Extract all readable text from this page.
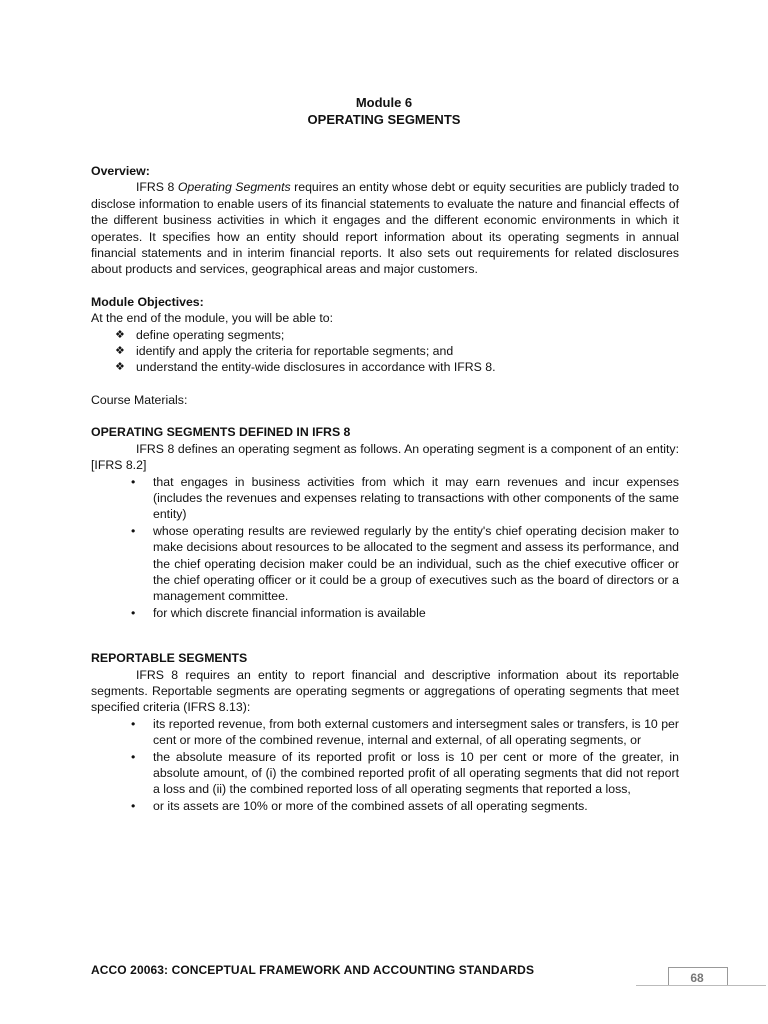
Module 6
OPERATING SEGMENTS
Overview:

IFRS 8 Operating Segments requires an entity whose debt or equity securities are publicly traded to disclose information to enable users of its financial statements to evaluate the nature and financial effects of the different business activities in which it engages and the different economic environments in which it operates. It specifies how an entity should report information about its operating segments in annual financial statements and in interim financial reports. It also sets out requirements for related disclosures about products and services, geographical areas and major customers.

Module Objectives:
At the end of the module, you will be able to:
❖ define operating segments;
❖ identify and apply the criteria for reportable segments; and
❖ understand the entity-wide disclosures in accordance with IFRS 8.
Course Materials:
OPERATING SEGMENTS DEFINED IN IFRS 8

IFRS 8 defines an operating segment as follows. An operating segment is a component of an entity: [IFRS 8.2]

• that engages in business activities from which it may earn revenues and incur expenses (includes the revenues and expenses relating to transactions with other components of the same entity)
• whose operating results are reviewed regularly by the entity's chief operating decision maker to make decisions about resources to be allocated to the segment and assess its performance, and the chief operating decision maker could be an individual, such as the chief executive officer or the chief operating officer or it could be a group of executives such as the board of directors or a management committee.
• for which discrete financial information is available
REPORTABLE SEGMENTS

IFRS 8 requires an entity to report financial and descriptive information about its reportable segments. Reportable segments are operating segments or aggregations of operating segments that meet specified criteria (IFRS 8.13):

• its reported revenue, from both external customers and intersegment sales or transfers, is 10 per cent or more of the combined revenue, internal and external, of all operating segments, or
• the absolute measure of its reported profit or loss is 10 per cent or more of the greater, in absolute amount, of (i) the combined reported profit of all operating segments that did not report a loss and (ii) the combined reported loss of all operating segments that reported a loss,
• or its assets are 10% or more of the combined assets of all operating segments.
ACCO 20063: CONCEPTUAL FRAMEWORK AND ACCOUNTING STANDARDS
68
